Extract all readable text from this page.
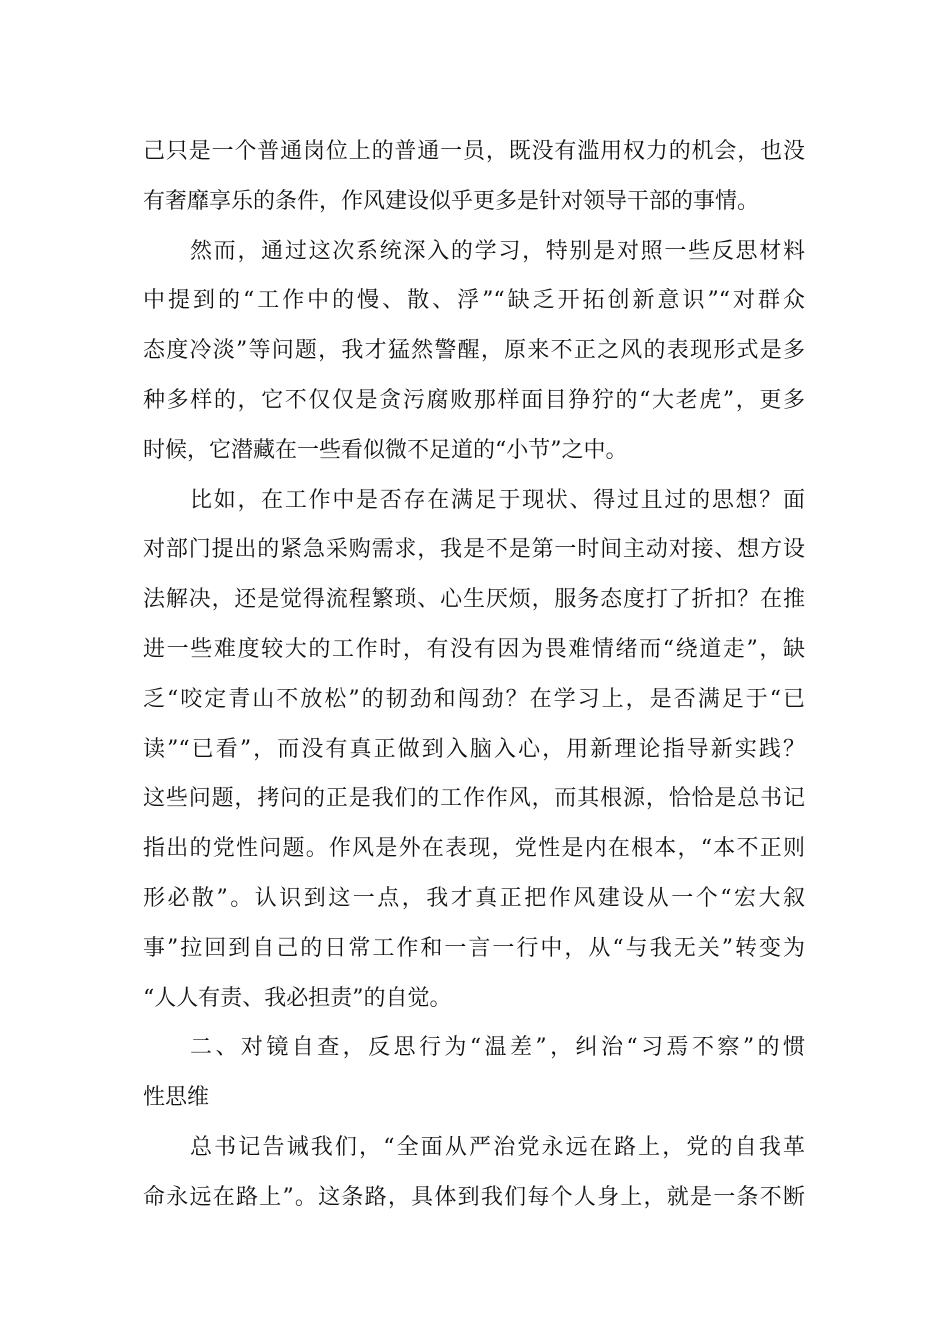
己只是一个普通岗位上的普通一员，既没有滥用权力的机会，也没
有奢靡享乐的条件，作风建设似乎更多是针对领导干部的事情。
然而，通过这次系统深入的学习，特别是对照一些反思材料
中提到的“工作中的慢、散、浮”“缺乏开拓创新意识”“对群众
态度冷淡”等问题，我才猛然警醒，原来不正之风的表现形式是多
种多样的，它不仅仅是贪污腐败那样面目狰狞的“大老虎”，更多
时候，它潜藏在一些看似微不足道的“小节”之中。
比如，在工作中是否存在满足于现状、得过且过的思想？面
对部门提出的紧急采购需求，我是不是第一时间主动对接、想方设
法解决，还是觉得流程繁琐、心生厌烦，服务态度打了折扣？在推
进一些难度较大的工作时，有没有因为畏难情绪而“绕道走”，缺
乏“咬定青山不放松”的韧劲和闯劲？在学习上，是否满足于“已
读”“已看”，而没有真正做到入脑入心，用新理论指导新实践？
这些问题，拷问的正是我们的工作作风，而其根源，恰恰是总书记
指出的党性问题。作风是外在表现，党性是内在根本，“本不正则
形必散”。认识到这一点，我才真正把作风建设从一个“宏大叙
事”拉回到自己的日常工作和一言一行中，从“与我无关”转变为
“人人有责、我必担责”的自觉。
二、对镜自查，反思行为“温差”，纠治“习焉不察”的惯
性思维
总书记告诫我们，“全面从严治党永远在路上，党的自我革
命永远在路上”。这条路，具体到我们每个人身上，就是一条不断
